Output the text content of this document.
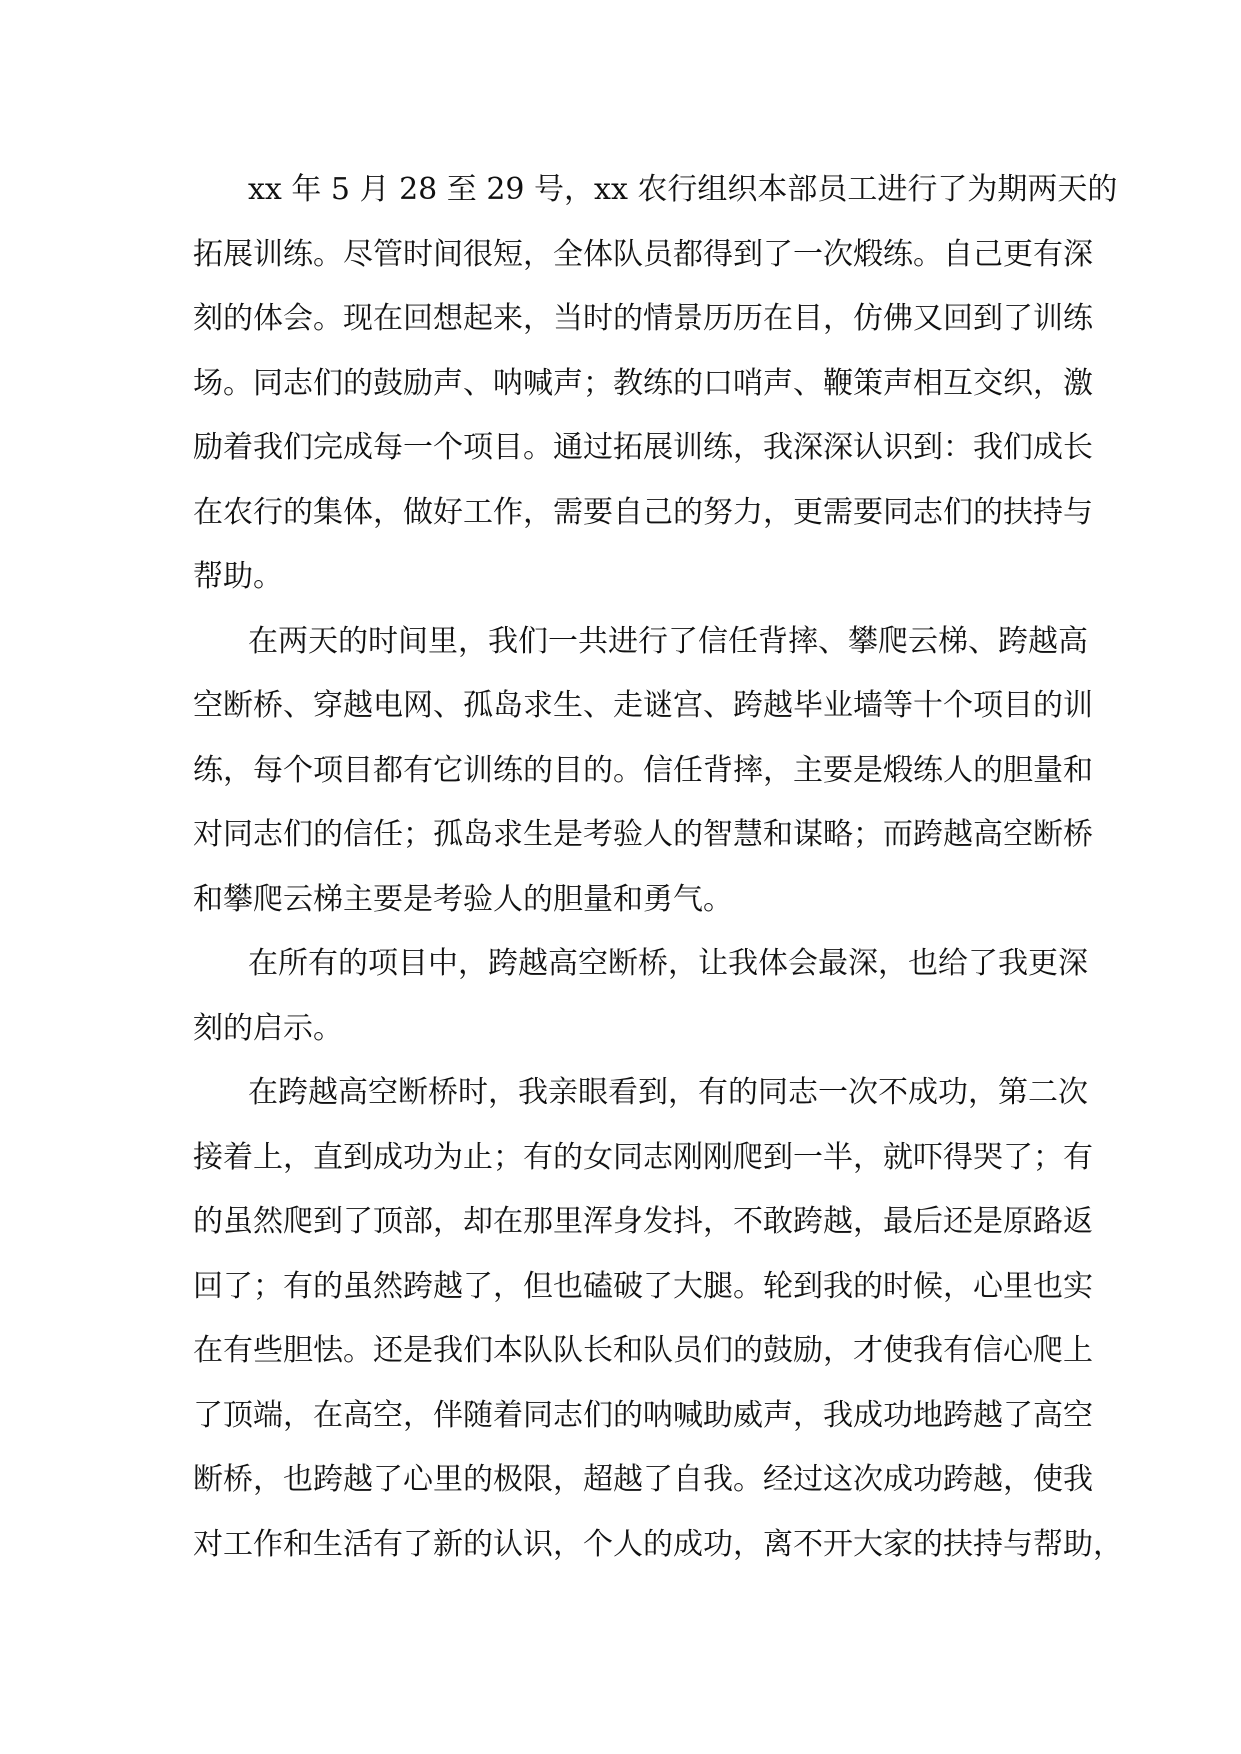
xx 年 5 月 28 至 29 号，xx 农行组织本部员工进行了为期两天的
拓展训练。尽管时间很短，全体队员都得到了一次煅练。自己更有深
刻的体会。现在回想起来，当时的情景历历在目，仿佛又回到了训练
场。同志们的鼓励声、呐喊声；教练的口哨声、鞭策声相互交织，激
励着我们完成每一个项目。通过拓展训练，我深深认识到：我们成长
在农行的集体，做好工作，需要自己的努力，更需要同志们的扶持与
帮助。
在两天的时间里，我们一共进行了信任背摔、攀爬云梯、跨越高
空断桥、穿越电网、孤岛求生、走谜宫、跨越毕业墙等十个项目的训
练，每个项目都有它训练的目的。信任背摔，主要是煅练人的胆量和
对同志们的信任；孤岛求生是考验人的智慧和谋略；而跨越高空断桥
和攀爬云梯主要是考验人的胆量和勇气。
在所有的项目中，跨越高空断桥，让我体会最深，也给了我更深
刻的启示。
在跨越高空断桥时，我亲眼看到，有的同志一次不成功，第二次
接着上，直到成功为止；有的女同志刚刚爬到一半，就吓得哭了；有
的虽然爬到了顶部，却在那里浑身发抖，不敢跨越，最后还是原路返
回了；有的虽然跨越了，但也磕破了大腿。轮到我的时候，心里也实
在有些胆怯。还是我们本队队长和队员们的鼓励，才使我有信心爬上
了顶端，在高空，伴随着同志们的呐喊助威声，我成功地跨越了高空
断桥，也跨越了心里的极限，超越了自我。经过这次成功跨越，使我
对工作和生活有了新的认识，个人的成功，离不开大家的扶持与帮助，
